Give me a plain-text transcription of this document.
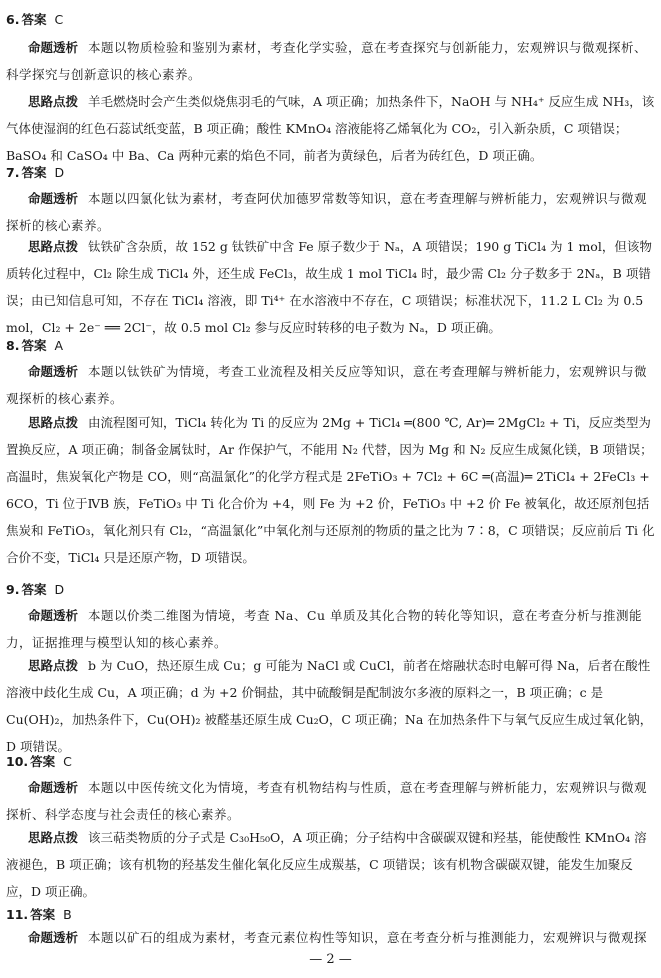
6. 答案 C
命题透析 本题以物质检验和鉴别为素材，考查化学实验，意在考查探究与创新能力，宏观辨识与微观探析、科学探究与创新意识的核心素养。
思路点拨 羊毛燃烧时会产生类似烧焦羽毛的气味，A 项正确；加热条件下，NaOH 与 NH₄⁺ 反应生成 NH₃，该气体使湿润的红色石蕊试纸变蓝，B 项正确；酸性 KMnO₄ 溶液能将乙烯氧化为 CO₂，引入新杂质，C 项错误；BaSO₄ 和 CaSO₄ 中 Ba、Ca 两种元素的焰色不同，前者为黄绿色，后者为砖红色，D 项正确。
7. 答案 D
命题透析 本题以四氯化钛为素材，考查阿伏加德罗常数等知识，意在考查理解与辨析能力，宏观辨识与微观探析的核心素养。
思路点拨 钛铁矿含杂质，故 152 g 钛铁矿中含 Fe 原子数少于 Nₐ，A 项错误；190 g TiCl₄ 为 1 mol，但该物质转化过程中，Cl₂ 除生成 TiCl₄ 外，还生成 FeCl₃，故生成 1 mol TiCl₄ 时，最少需 Cl₂ 分子数多于 2Nₐ，B 项错误；由已知信息可知，不存在 TiCl₄ 溶液，即 Ti⁴⁺ 在水溶液中不存在，C 项错误；标准状况下，11.2 L Cl₂ 为 0.5 mol，Cl₂ + 2e⁻ ══ 2Cl⁻，故 0.5 mol Cl₂ 参与反应时转移的电子数为 Nₐ，D 项正确。
8. 答案 A
命题透析 本题以钛铁矿为情境，考查工业流程及相关反应等知识，意在考查理解与辨析能力，宏观辨识与微观探析的核心素养。
思路点拨 由流程图可知，TiCl₄ 转化为 Ti 的反应为 2Mg + TiCl₄ ═(800 ℃, Ar)═ 2MgCl₂ + Ti，反应类型为置换反应，A 项正确；制备金属钛时，Ar 作保护气，不能用 N₂ 代替，因为 Mg 和 N₂ 反应生成氮化镁，B 项错误；高温时，焦炭氧化产物是 CO，则“高温氯化”的化学方程式是 2FeTiO₃ + 7Cl₂ + 6C ═(高温)═ 2TiCl₄ + 2FeCl₃ + 6CO，Ti 位于ⅣB 族，FeTiO₃ 中 Ti 化合价为 +4，则 Fe 为 +2 价，FeTiO₃ 中 +2 价 Fe 被氧化，故还原剂包括焦炭和 FeTiO₃，氧化剂只有 Cl₂，“高温氯化”中氧化剂与还原剂的物质的量之比为 7∶8，C 项错误；反应前后 Ti 化合价不变，TiCl₄ 只是还原产物，D 项错误。
9. 答案 D
命题透析 本题以价类二维图为情境，考查 Na、Cu 单质及其化合物的转化等知识，意在考查分析与推测能力，证据推理与模型认知的核心素养。
思路点拨 b 为 CuO，热还原生成 Cu；g 可能为 NaCl 或 CuCl，前者在熔融状态时电解可得 Na，后者在酸性溶液中歧化生成 Cu，A 项正确；d 为 +2 价铜盐，其中硫酸铜是配制波尔多液的原料之一，B 项正确；c 是 Cu(OH)₂，加热条件下，Cu(OH)₂ 被醛基还原生成 Cu₂O，C 项正确；Na 在加热条件下与氧气反应生成过氧化钠，D 项错误。
10. 答案 C
命题透析 本题以中医传统文化为情境，考查有机物结构与性质，意在考查理解与辨析能力，宏观辨识与微观探析、科学态度与社会责任的核心素养。
思路点拨 该三萜类物质的分子式是 C₃₀H₅₀O，A 项正确；分子结构中含碳碳双键和羟基，能使酸性 KMnO₄ 溶液褪色，B 项正确；该有机物的羟基发生催化氧化反应生成羰基，C 项错误；该有机物含碳碳双键，能发生加聚反应，D 项正确。
11. 答案 B
命题透析 本题以矿石的组成为素材，考查元素位构性等知识，意在考查分析与推测能力，宏观辨识与微观探
— 2 —
